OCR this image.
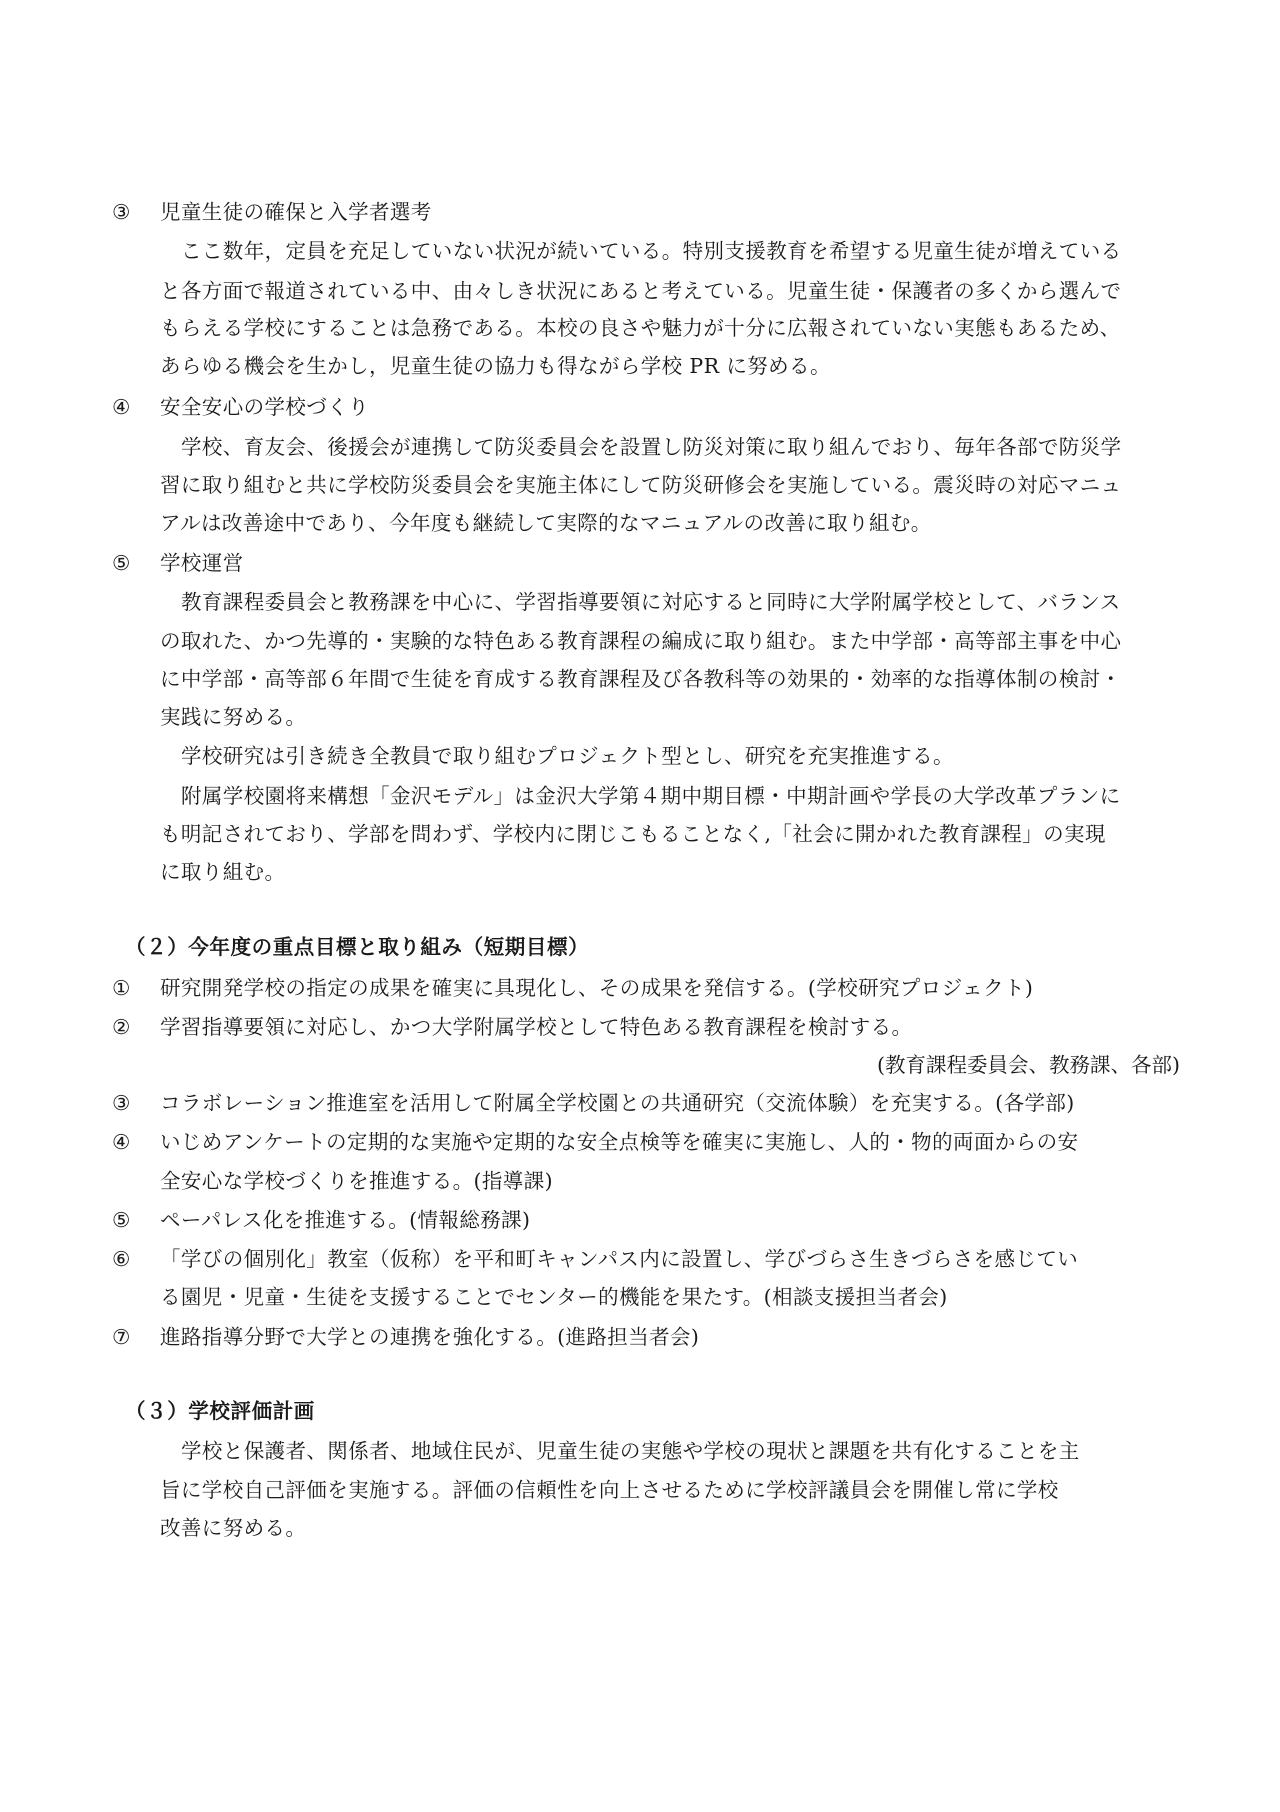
③ 児童生徒の確保と入学者選考
ここ数年，定員を充足していない状況が続いている。特別支援教育を希望する児童生徒が増えている
と各方面で報道されている中、由々しき状況にあると考えている。児童生徒・保護者の多くから選んで
もらえる学校にすることは急務である。本校の良さや魅力が十分に広報されていない実態もあるため、
あらゆる機会を生かし，児童生徒の協力も得ながら学校 PR に努める。
④ 安全安心の学校づくり
学校、育友会、後援会が連携して防災委員会を設置し防災対策に取り組んでおり、毎年各部で防災学
習に取り組むと共に学校防災委員会を実施主体にして防災研修会を実施している。震災時の対応マニュ
アルは改善途中であり、今年度も継続して実際的なマニュアルの改善に取り組む。
⑤ 学校運営
教育課程委員会と教務課を中心に、学習指導要領に対応すると同時に大学附属学校として、バランス
の取れた、かつ先導的・実験的な特色ある教育課程の編成に取り組む。また中学部・高等部主事を中心
に中学部・高等部６年間で生徒を育成する教育課程及び各教科等の効果的・効率的な指導体制の検討・
実践に努める。
学校研究は引き続き全教員で取り組むプロジェクト型とし、研究を充実推進する。
附属学校園将来構想「金沢モデル」は金沢大学第４期中期目標・中期計画や学長の大学改革プランに
も明記されており、学部を問わず、学校内に閉じこもることなく,「社会に開かれた教育課程」の実現
に取り組む。
（２）今年度の重点目標と取り組み（短期目標）
① 研究開発学校の指定の成果を確実に具現化し、その成果を発信する。(学校研究プロジェクト)
② 学習指導要領に対応し、かつ大学附属学校として特色ある教育課程を検討する。
(教育課程委員会、教務課、各部)
③ コラボレーション推進室を活用して附属全学校園との共通研究（交流体験）を充実する。(各学部)
④ いじめアンケートの定期的な実施や定期的な安全点検等を確実に実施し、人的・物的両面からの安
全安心な学校づくりを推進する。(指導課)
⑤ ペーパレス化を推進する。(情報総務課)
⑥ 「学びの個別化」教室（仮称）を平和町キャンパス内に設置し、学びづらさ生きづらさを感じてい
る園児・児童・生徒を支援することでセンター的機能を果たす。(相談支援担当者会)
⑦ 進路指導分野で大学との連携を強化する。(進路担当者会)
（３）学校評価計画
学校と保護者、関係者、地域住民が、児童生徒の実態や学校の現状と課題を共有化することを主
旨に学校自己評価を実施する。評価の信頼性を向上させるために学校評議員会を開催し常に学校
改善に努める。
